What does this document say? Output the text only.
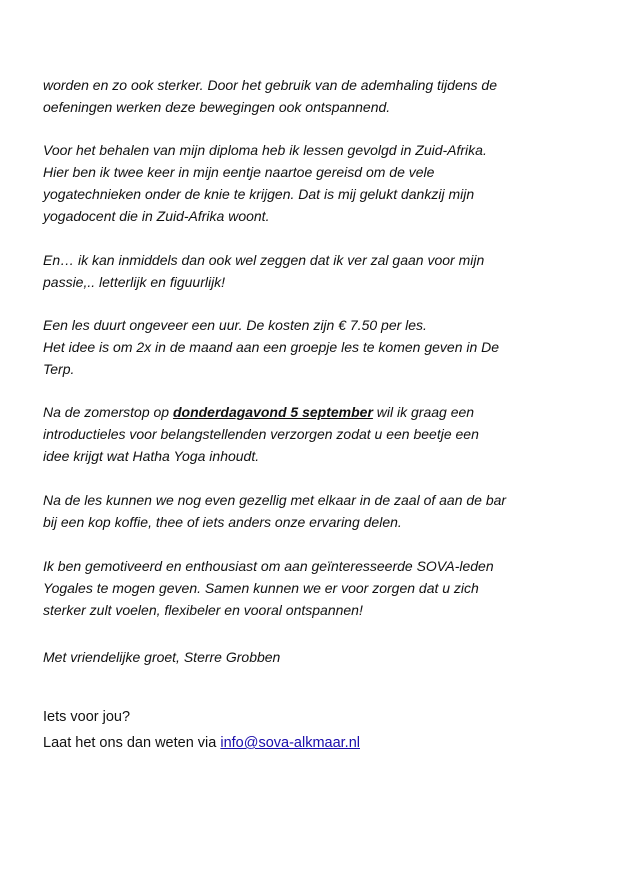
worden en zo ook sterker. Door het gebruik van de ademhaling tijdens de
oefeningen werken deze bewegingen ook ontspannend.
Voor het behalen van mijn diploma heb ik lessen gevolgd in Zuid-Afrika.
Hier ben ik twee keer in mijn eentje naartoe gereisd om de vele
yogatechnieken onder de knie te krijgen. Dat is mij gelukt dankzij mijn
yogadocent die in Zuid-Afrika woont.
En… ik kan inmiddels dan ook wel zeggen dat ik ver zal gaan voor mijn
passie,.. letterlijk en figuurlijk!
Een les duurt ongeveer een uur. De kosten zijn € 7.50 per les.
Het idee is om 2x in de maand aan een groepje les te komen geven in De
Terp.
Na de zomerstop op donderdagavond 5 september wil ik graag een
introductieles voor belangstellenden verzorgen zodat u een beetje een
idee krijgt wat Hatha Yoga inhoudt.
Na de les kunnen we nog even gezellig met elkaar in de zaal of aan de bar
bij een kop koffie, thee of iets anders onze ervaring delen.
Ik ben gemotiveerd en enthousiast om aan geïnteresseerde SOVA-leden
Yogales te mogen geven. Samen kunnen we er voor zorgen dat u zich
sterker zult voelen, flexibeler en vooral ontspannen!
Met vriendelijke groet, Sterre Grobben
Iets voor jou?
Laat het ons dan weten via info@sova-alkmaar.nl
